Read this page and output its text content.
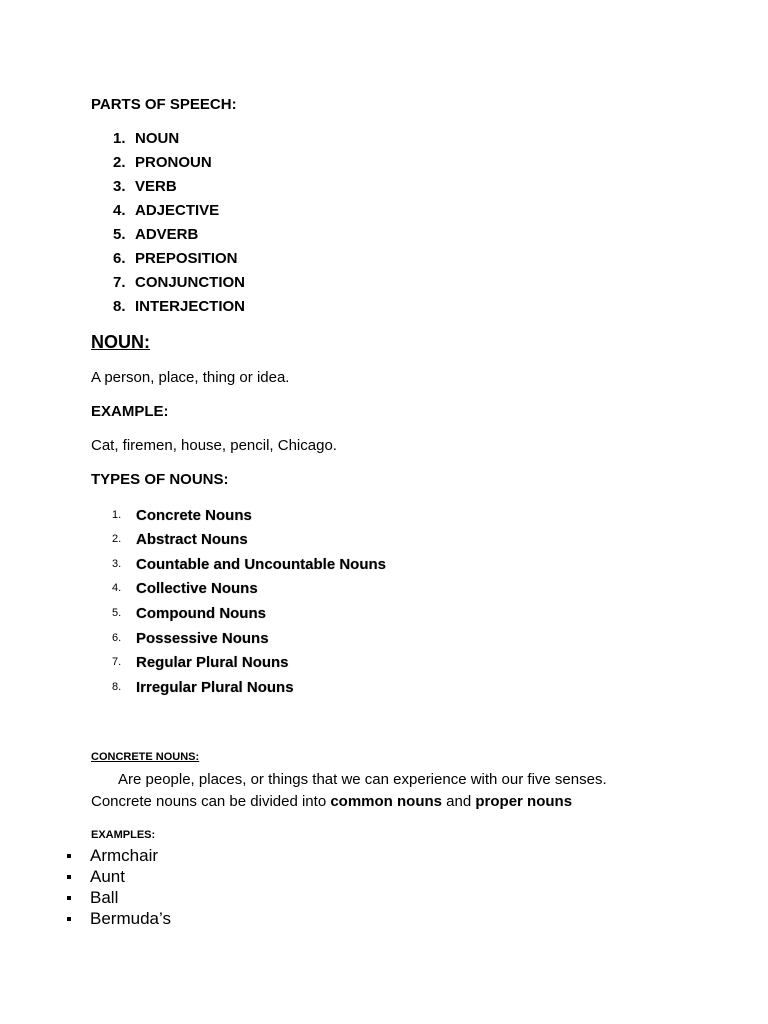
PARTS OF SPEECH:
1. NOUN
2. PRONOUN
3. VERB
4. ADJECTIVE
5. ADVERB
6. PREPOSITION
7. CONJUNCTION
8. INTERJECTION
NOUN:
A person, place, thing or idea.
EXAMPLE:
Cat, firemen, house, pencil, Chicago.
TYPES OF NOUNS:
1. Concrete Nouns
2. Abstract Nouns
3. Countable and Uncountable Nouns
4. Collective Nouns
5. Compound Nouns
6. Possessive Nouns
7. Regular Plural Nouns
8. Irregular Plural Nouns
CONCRETE NOUNS:
Are people, places, or things that we can experience with our five senses.
Concrete nouns can be divided into common nouns and proper nouns
EXAMPLES:
Armchair
Aunt
Ball
Bermuda’s
